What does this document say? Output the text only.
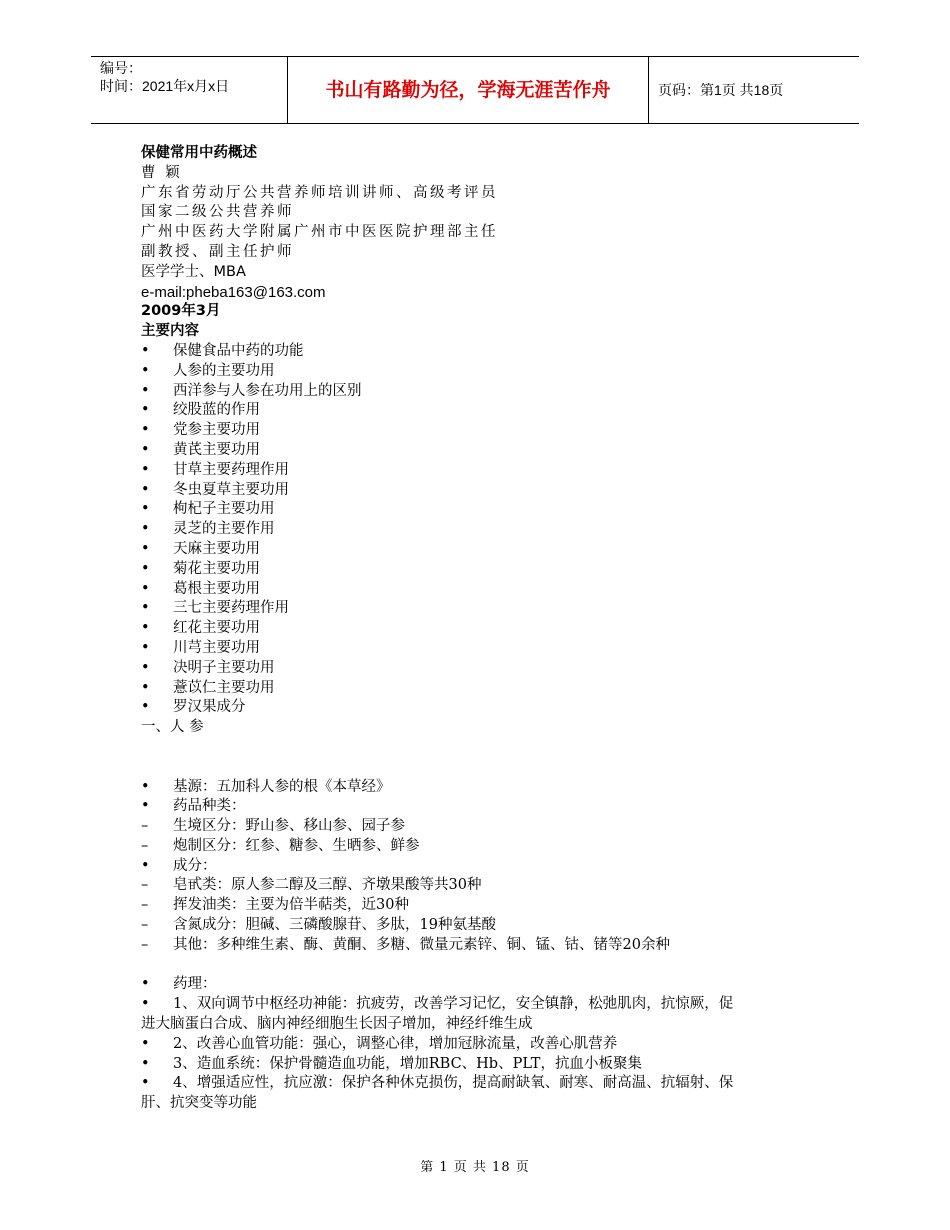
编号：
时间：2021年x月x日	书山有路勤为径，学海无涯苦作舟	页码：第1页 共18页
保健常用中药概述
曹 颖
广东省劳动厅公共营养师培训讲师、高级考评员
国家二级公共营养师
广州中医药大学附属广州市中医医院护理部主任
副教授、副主任护师
医学学士、MBA
e-mail:pheba163@163.com
2009年3月
主要内容
• 保健食品中药的功能
• 人参的主要功用
• 西洋参与人参在功用上的区别
• 绞股蓝的作用
• 党参主要功用
• 黄芪主要功用
• 甘草主要药理作用
• 冬虫夏草主要功用
• 枸杞子主要功用
• 灵芝的主要作用
• 天麻主要功用
• 菊花主要功用
• 葛根主要功用
• 三七主要药理作用
• 红花主要功用
• 川芎主要功用
• 决明子主要功用
• 薏苡仁主要功用
• 罗汉果成分
一、人 参
• 基源：五加科人参的根《本草经》
• 药品种类：
– 生境区分：野山参、移山参、园子参
– 炮制区分：红参、糖参、生晒参、鲜参
• 成分：
– 皂甙类：原人参二醇及三醇、齐墩果酸等共30种
– 挥发油类：主要为倍半萜类，近30种
– 含氮成分：胆碱、三磷酸腺苷、多肽，19种氨基酸
– 其他：多种维生素、酶、黄酮、多糖、微量元素锌、铜、锰、钴、锗等20余种
• 药理：
• 1、双向调节中枢经功神能：抗疲劳，改善学习记忆，安全镇静，松弛肌肉，抗惊厥，促
进大脑蛋白合成、脑内神经细胞生长因子增加，神经纤维生成
• 2、改善心血管功能：强心，调整心律，增加冠脉流量，改善心肌营养
• 3、造血系统：保护骨髓造血功能，增加RBC、Hb、PLT，抗血小板聚集
• 4、增强适应性，抗应激：保护各种休克损伤，提高耐缺氧、耐寒、耐高温、抗辐射、保
肝、抗突变等功能
第 1 页 共 18 页
